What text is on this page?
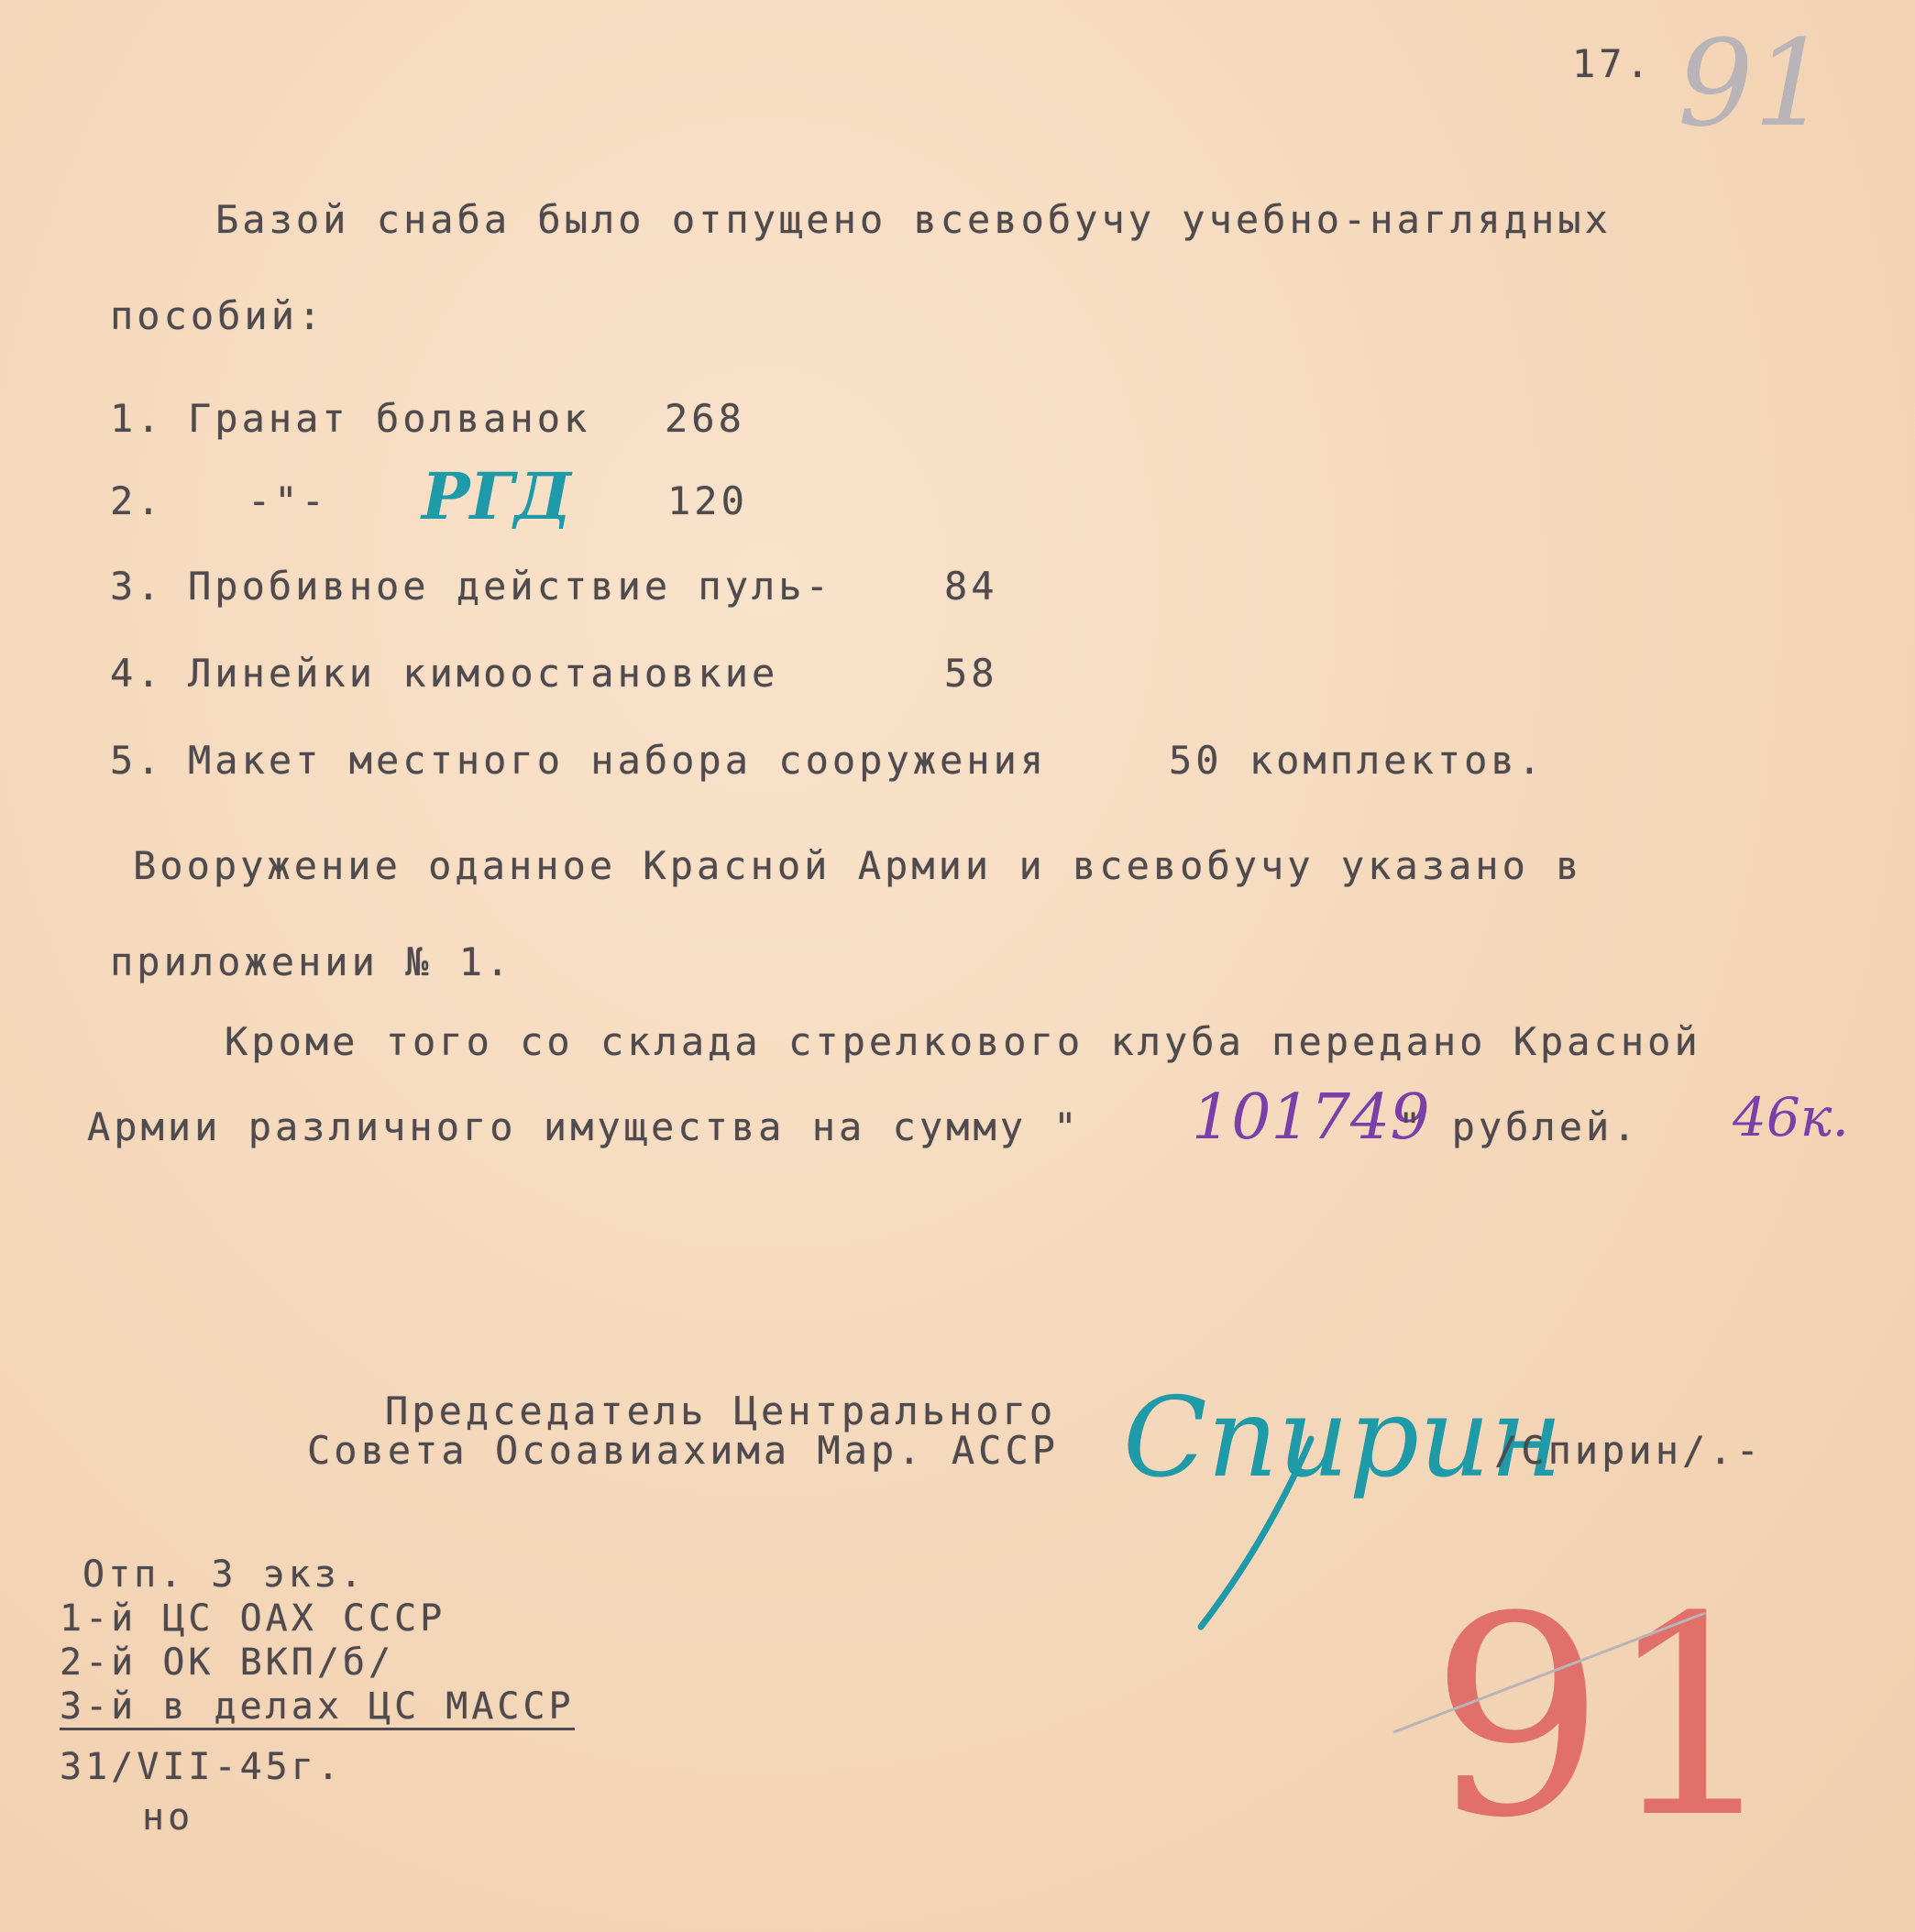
17. 91
Базой снаба было отпущено всевобучу учебно-наглядных
пособий:
1. Гранат болванок 268
2. -"- РГД 120
3. Пробивное действие пуль-	84
4. Линейки кимоостановкие	58
5. Макет местного набора сооружения	50 комплектов.
Вооружение оданное Красной Армии и всевобучу указано в
приложении № 1.
Кроме того со склада стрелкового клуба передано Красной
Армии различного имущества на сумму " 101749
" рублей. 46к.
Председатель Центрального
Совета Осоавиахима Мар. АССР Спирин
/Спирин/.-
Отп. 3 экз.
1-й ЦС ОАХ СССР
2-й ОК ВКП/б/
3-й в делах ЦС МАССР
31/VII-45г.
но	91
